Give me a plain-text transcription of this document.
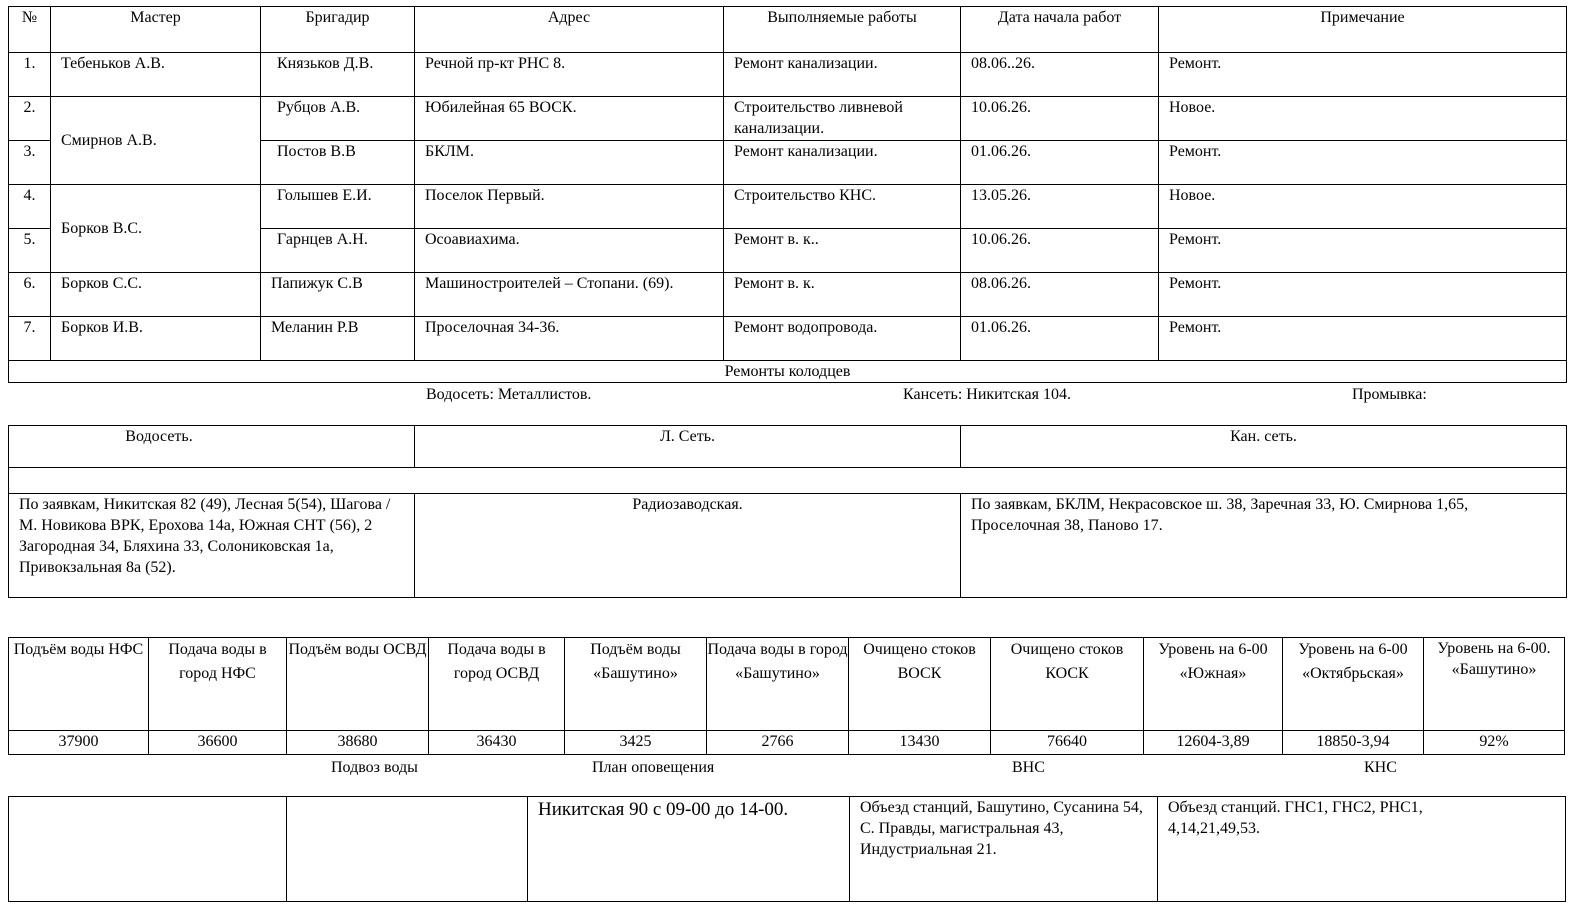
№	Мастер	Бригадир	Адрес	Выполняемые работы	Дата начала работ	Примечание
1.	Тебеньков А.В.	Князьков Д.В.	Речной пр-кт РНС 8.	Ремонт канализации.	08.06..26.	Ремонт.
2.	Смирнов А.В.	Рубцов А.В.	Юбилейная 65 ВОСК.	Строительство ливневой канализации.	10.06.26.	Новое.
3.		Постов В.В	БКЛМ.	Ремонт канализации.	01.06.26.	Ремонт.
4.	Борков В.С.	Голышев Е.И.	Поселок Первый.	Строительство КНС.	13.05.26.	Новое.
5.		Гарнцев А.Н.	Осоавиахима.	Ремонт в. к..	10.06.26.	Ремонт.
6.	Борков С.С.	Папижук С.В	Машиностроителей – Стопани. (69).	Ремонт в. к.	08.06.26.	Ремонт.
7.	Борков И.В.	Меланин Р.В	Проселочная 34-36.	Ремонт водопровода.	01.06.26.	Ремонт.
Ремонты колодцев						
Водосеть: Металлистов.	Кансеть: Никитская 104.	Промывка:
Водосеть.	Л. Сеть.	Кан. сеть.

По заявкам, Никитская 82 (49), Лесная 5(54), Шагова / М. Новикова ВРК, Ерохова 14а, Южная СНТ (56), 2 Загородная 34, Бляхина 33, Солониковская 1а, Привокзальная 8а (52).	Радиозаводская.	По заявкам, БКЛМ, Некрасовское ш. 38, Заречная 33, Ю. Смирнова 1,65, Проселочная 38, Паново 17.
Подъём воды НФС	Подача воды в город НФС	Подъём воды ОСВД	Подача воды в город ОСВД	Подъём воды «Башутино»	Подача воды в город «Башутино»	Очищено стоков ВОСК	Очищено стоков КОСК	Уровень на 6-00 «Южная»	Уровень на 6-00 «Октябрьская»	Уровень на 6-00. «Башутино»
37900	36600	38680	36430	3425	2766	13430	76640	12604-3,89	18850-3,94	92%
Подвоз воды	План оповещения	ВНС	КНС
		Никитская 90 с 09-00 до 14-00.	Объезд станций, Башутино, Сусанина 54, С. Правды, магистральная 43, Индустриальная 21.	Объезд станций. ГНС1, ГНС2, РНС1, 4,14,21,49,53.
